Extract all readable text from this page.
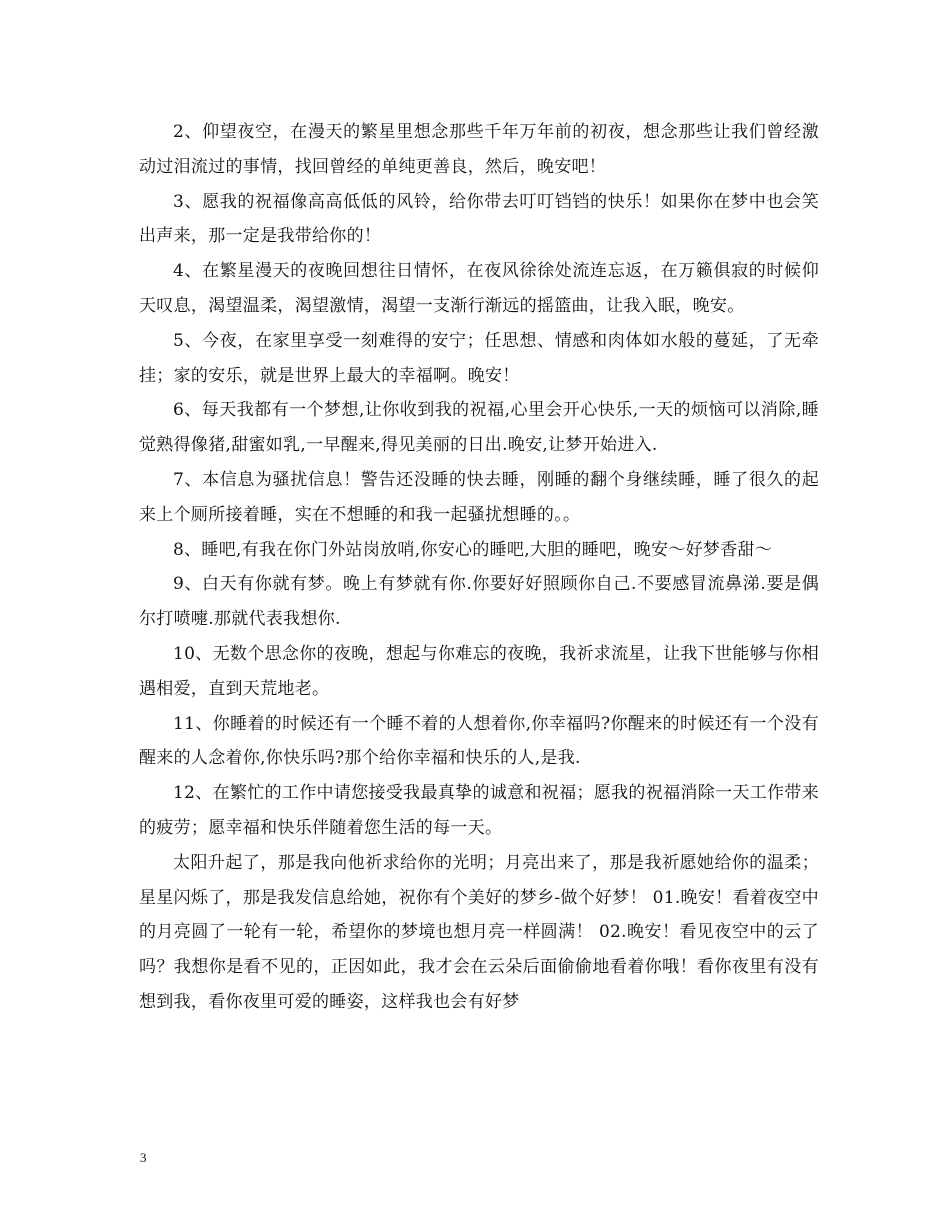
2、仰望夜空，在漫天的繁星里想念那些千年万年前的初夜，想念那些让我们曾经激动过泪流过的事情，找回曾经的单纯更善良，然后，晚安吧！

3、愿我的祝福像高高低低的风铃，给你带去叮叮铛铛的快乐！如果你在梦中也会笑出声来，那一定是我带给你的！

4、在繁星漫天的夜晚回想往日情怀，在夜风徐徐处流连忘返，在万籁俱寂的时候仰天叹息，渴望温柔，渴望激情，渴望一支渐行渐远的摇篮曲，让我入眠，晚安。

5、今夜，在家里享受一刻难得的安宁；任思想、情感和肉体如水般的蔓延，了无牵挂；家的安乐，就是世界上最大的幸福啊。晚安！

6、每天我都有一个梦想,让你收到我的祝福,心里会开心快乐,一天的烦恼可以消除,睡觉熟得像猪,甜蜜如乳,一早醒来,得见美丽的日出.晚安,让梦开始进入.

7、本信息为骚扰信息！警告还没睡的快去睡，刚睡的翻个身继续睡，睡了很久的起来上个厕所接着睡，实在不想睡的和我一起骚扰想睡的。。

8、睡吧,有我在你门外站岗放哨,你安心的睡吧,大胆的睡吧，晚安～好梦香甜～

9、白天有你就有梦。晚上有梦就有你.你要好好照顾你自己.不要感冒流鼻涕.要是偶尔打喷嚏.那就代表我想你.

10、无数个思念你的夜晚，想起与你难忘的夜晚，我祈求流星，让我下世能够与你相遇相爱，直到天荒地老。

11、你睡着的时候还有一个睡不着的人想着你,你幸福吗?你醒来的时候还有一个没有醒来的人念着你,你快乐吗?那个给你幸福和快乐的人,是我.

12、在繁忙的工作中请您接受我最真挚的诚意和祝福；愿我的祝福消除一天工作带来的疲劳；愿幸福和快乐伴随着您生活的每一天。

太阳升起了，那是我向他祈求给你的光明；月亮出来了，那是我祈愿她给你的温柔；星星闪烁了，那是我发信息给她，祝你有个美好的梦乡-做个好梦！ 01.晚安！看着夜空中的月亮圆了一轮有一轮，希望你的梦境也想月亮一样圆满！ 02.晚安！看见夜空中的云了吗？我想你是看不见的，正因如此，我才会在云朵后面偷偷地看着你哦！看你夜里有没有想到我，看你夜里可爱的睡姿，这样我也会有好梦

3
